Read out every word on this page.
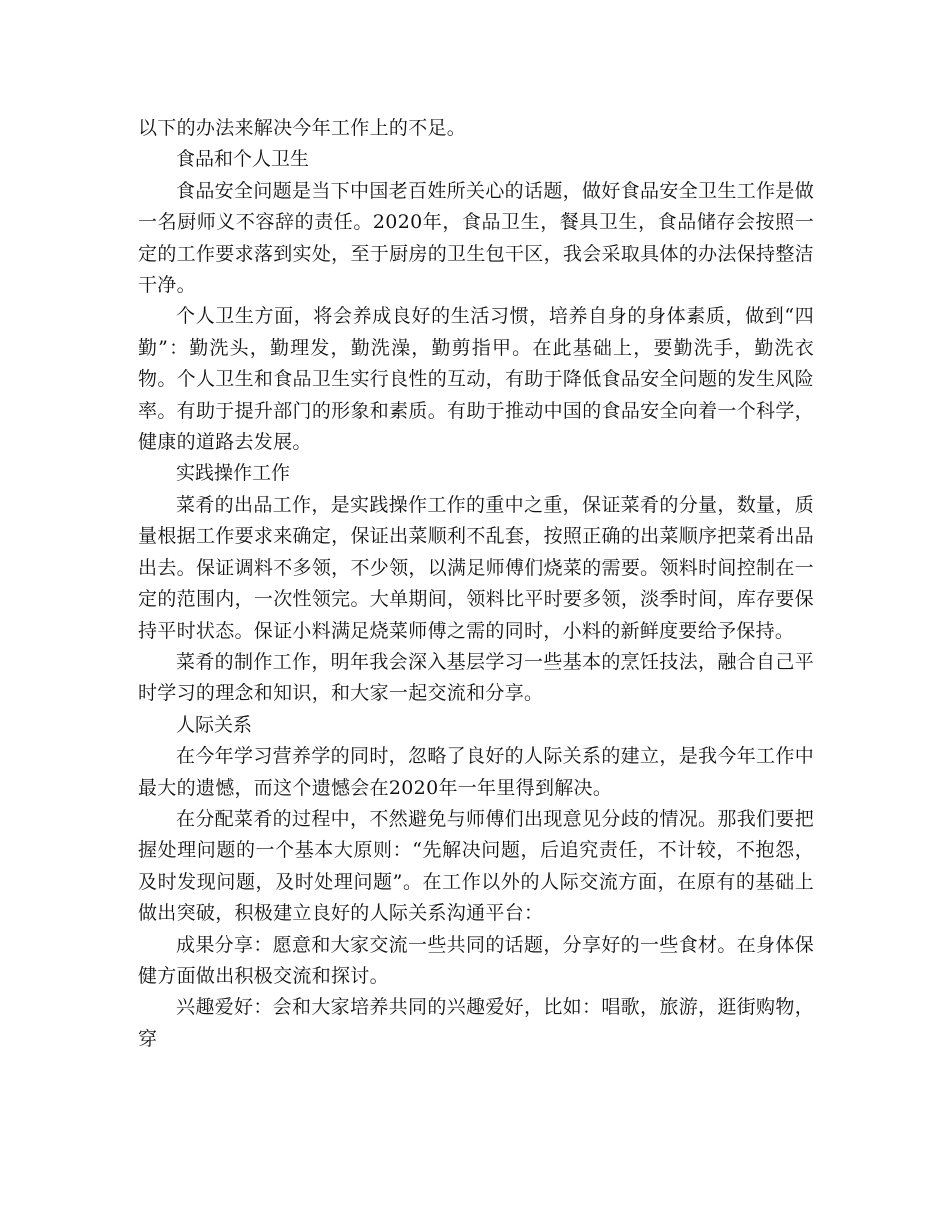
以下的办法来解决今年工作上的不足。

食品和个人卫生

食品安全问题是当下中国老百姓所关心的话题，做好食品安全卫生工作是做一名厨师义不容辞的责任。2020年，食品卫生，餐具卫生，食品储存会按照一定的工作要求落到实处，至于厨房的卫生包干区，我会采取具体的办法保持整洁干净。

个人卫生方面，将会养成良好的生活习惯，培养自身的身体素质，做到“四勤”：勤洗头，勤理发，勤洗澡，勤剪指甲。在此基础上，要勤洗手，勤洗衣物。个人卫生和食品卫生实行良性的互动，有助于降低食品安全问题的发生风险率。有助于提升部门的形象和素质。有助于推动中国的食品安全向着一个科学，健康的道路去发展。

实践操作工作

菜肴的出品工作，是实践操作工作的重中之重，保证菜肴的分量，数量，质量根据工作要求来确定，保证出菜顺利不乱套，按照正确的出菜顺序把菜肴出品出去。保证调料不多领，不少领，以满足师傅们烧菜的需要。领料时间控制在一定的范围内，一次性领完。大单期间，领料比平时要多领，淡季时间，库存要保持平时状态。保证小料满足烧菜师傅之需的同时，小料的新鲜度要给予保持。

菜肴的制作工作，明年我会深入基层学习一些基本的烹饪技法，融合自己平时学习的理念和知识，和大家一起交流和分享。

人际关系

在今年学习营养学的同时，忽略了良好的人际关系的建立，是我今年工作中最大的遗憾，而这个遗憾会在2020年一年里得到解决。

在分配菜肴的过程中，不然避免与师傅们出现意见分歧的情况。那我们要把握处理问题的一个基本大原则：“先解决问题，后追究责任，不计较，不抱怨，及时发现问题，及时处理问题”。在工作以外的人际交流方面，在原有的基础上做出突破，积极建立良好的人际关系沟通平台：

成果分享：愿意和大家交流一些共同的话题，分享好的一些食材。在身体保健方面做出积极交流和探讨。

兴趣爱好：会和大家培养共同的兴趣爱好，比如：唱歌，旅游，逛街购物，穿
